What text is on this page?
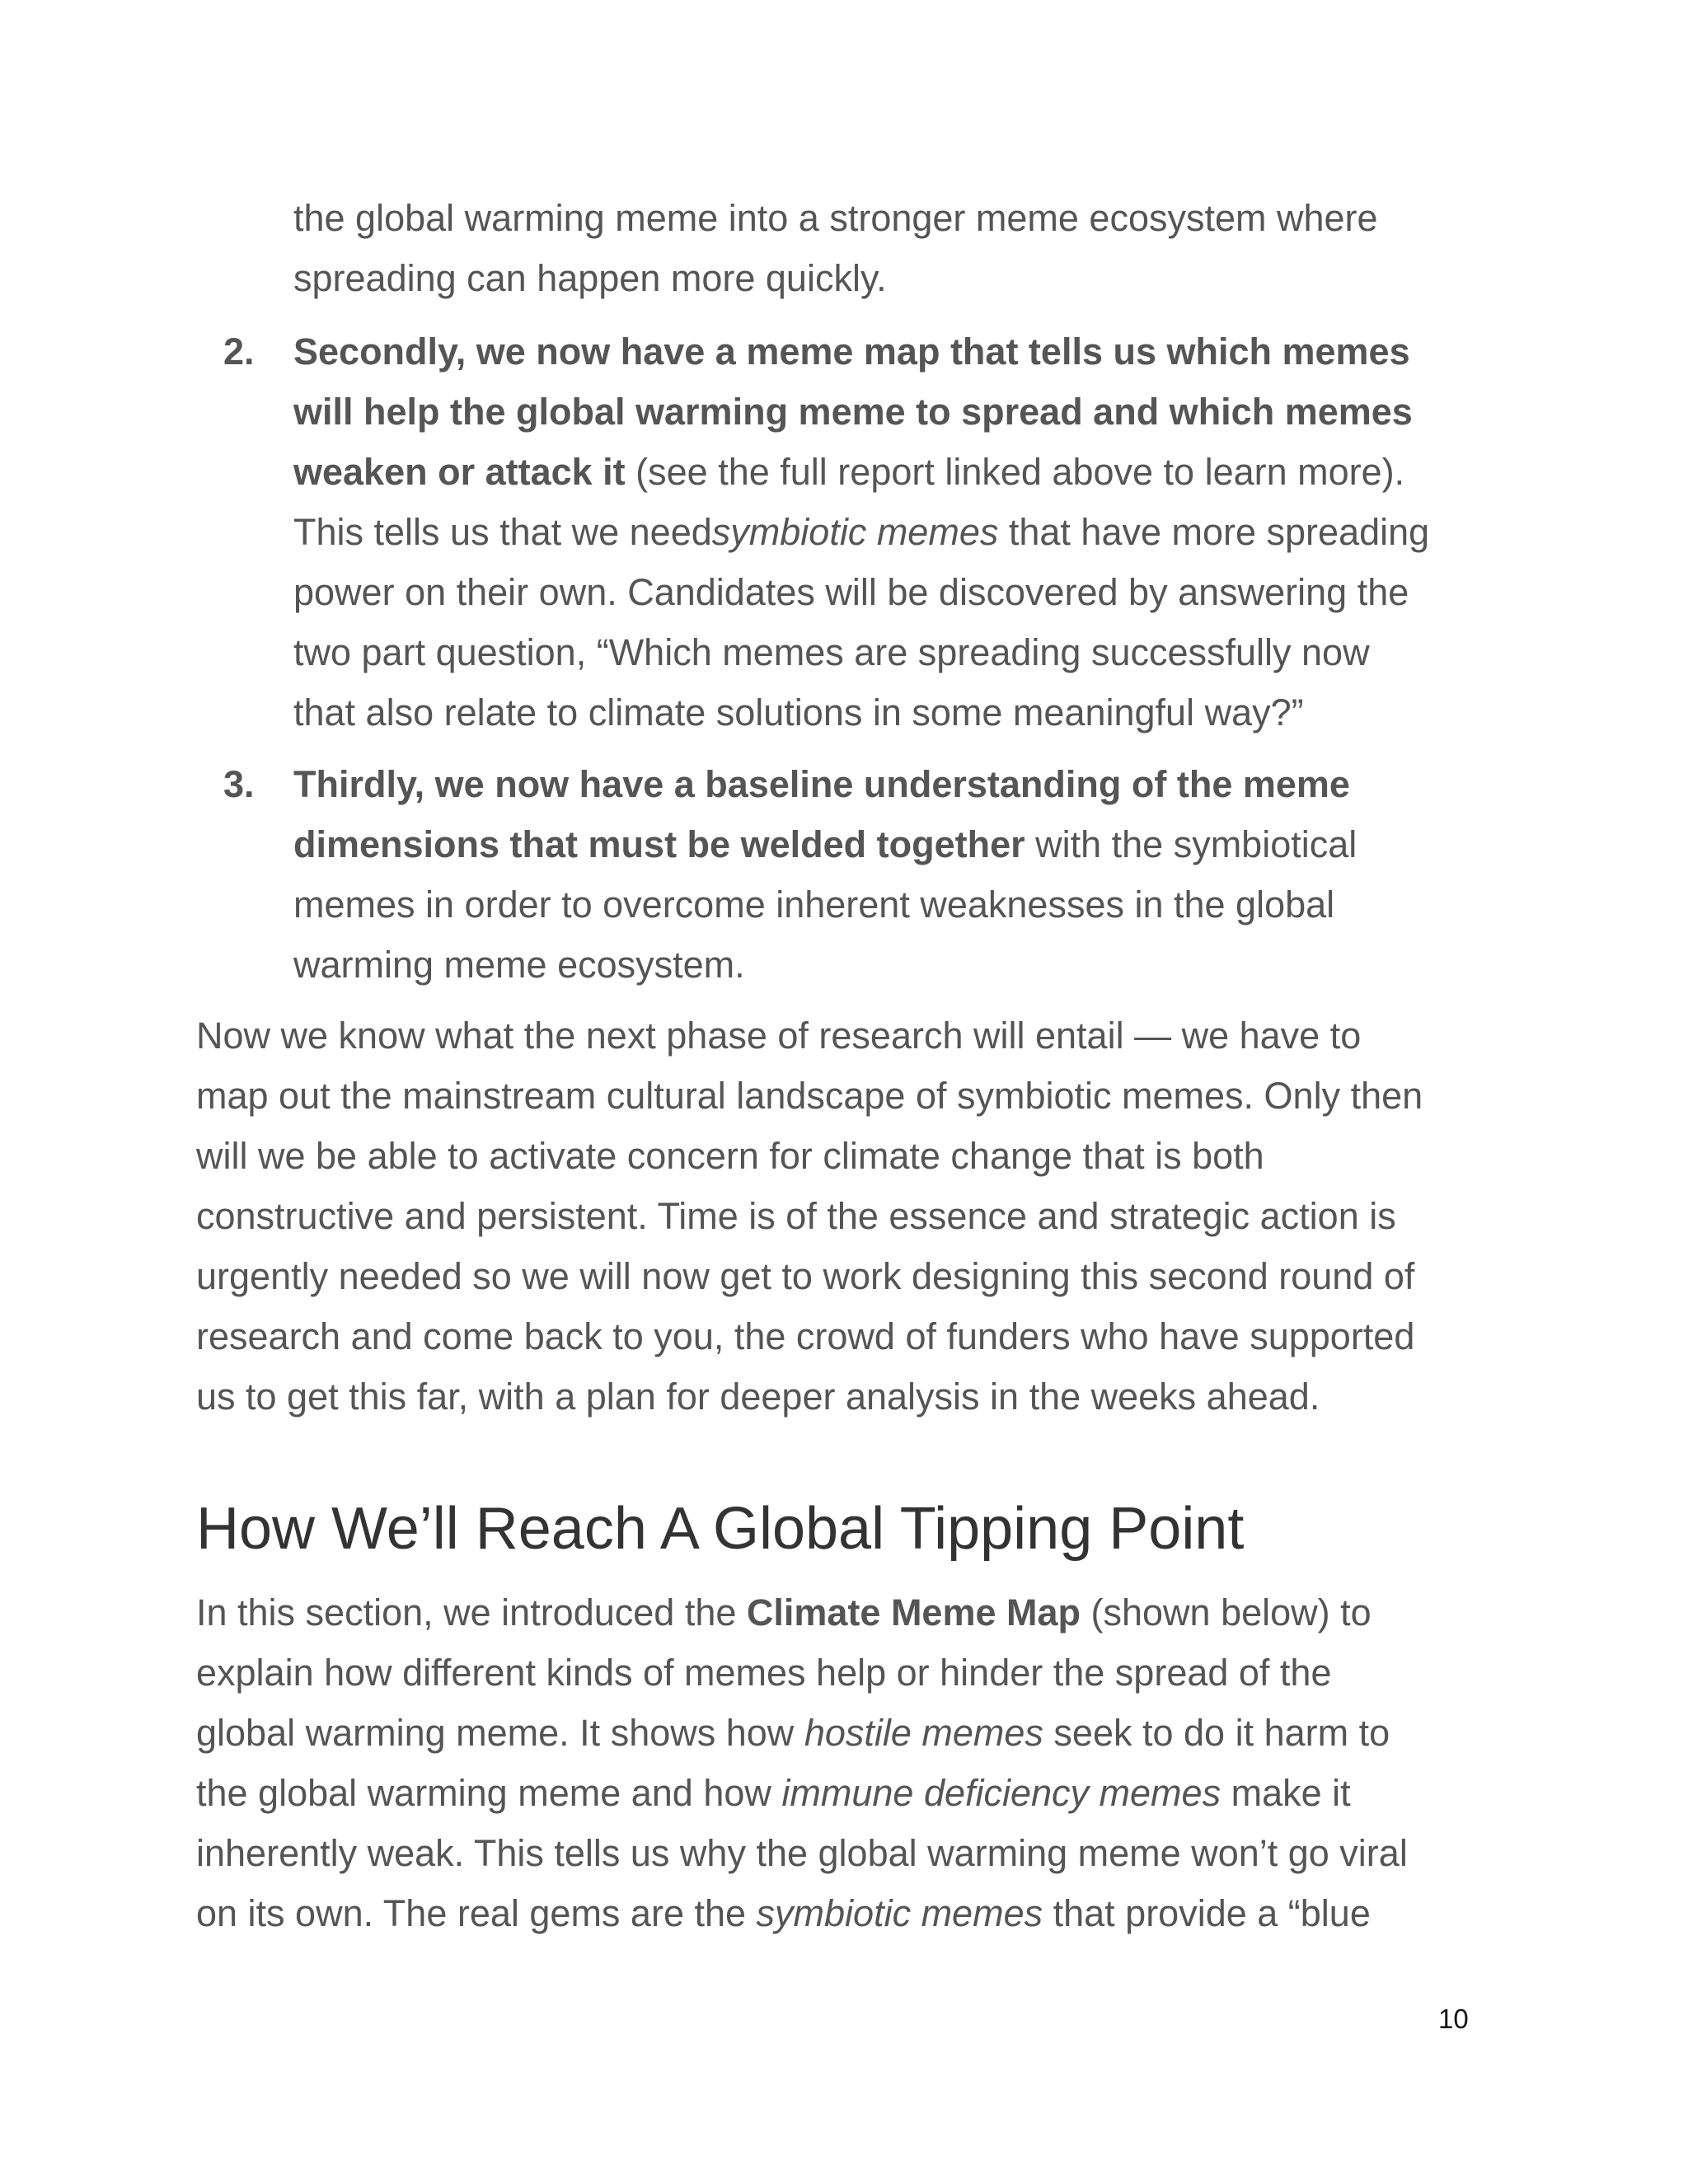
the global warming meme into a stronger meme ecosystem where
spreading can happen more quickly.

2. Secondly, we now have a meme map that tells us which memes
will help the global warming meme to spread and which memes
weaken or attack it (see the full report linked above to learn more).
This tells us that we needsymbiotic memes that have more spreading
power on their own. Candidates will be discovered by answering the
two part question, “Which memes are spreading successfully now
that also relate to climate solutions in some meaningful way?”

3. Thirdly, we now have a baseline understanding of the meme
dimensions that must be welded together with the symbiotical
memes in order to overcome inherent weaknesses in the global
warming meme ecosystem.

Now we know what the next phase of research will entail — we have to
map out the mainstream cultural landscape of symbiotic memes. Only then
will we be able to activate concern for climate change that is both
constructive and persistent. Time is of the essence and strategic action is
urgently needed so we will now get to work designing this second round of
research and come back to you, the crowd of funders who have supported
us to get this far, with a plan for deeper analysis in the weeks ahead.

How We’ll Reach A Global Tipping Point

In this section, we introduced the Climate Meme Map (shown below) to
explain how different kinds of memes help or hinder the spread of the
global warming meme. It shows how hostile memes seek to do it harm to
the global warming meme and how immune deficiency memes make it
inherently weak. This tells us why the global warming meme won’t go viral
on its own. The real gems are the symbiotic memes that provide a “blue

10
